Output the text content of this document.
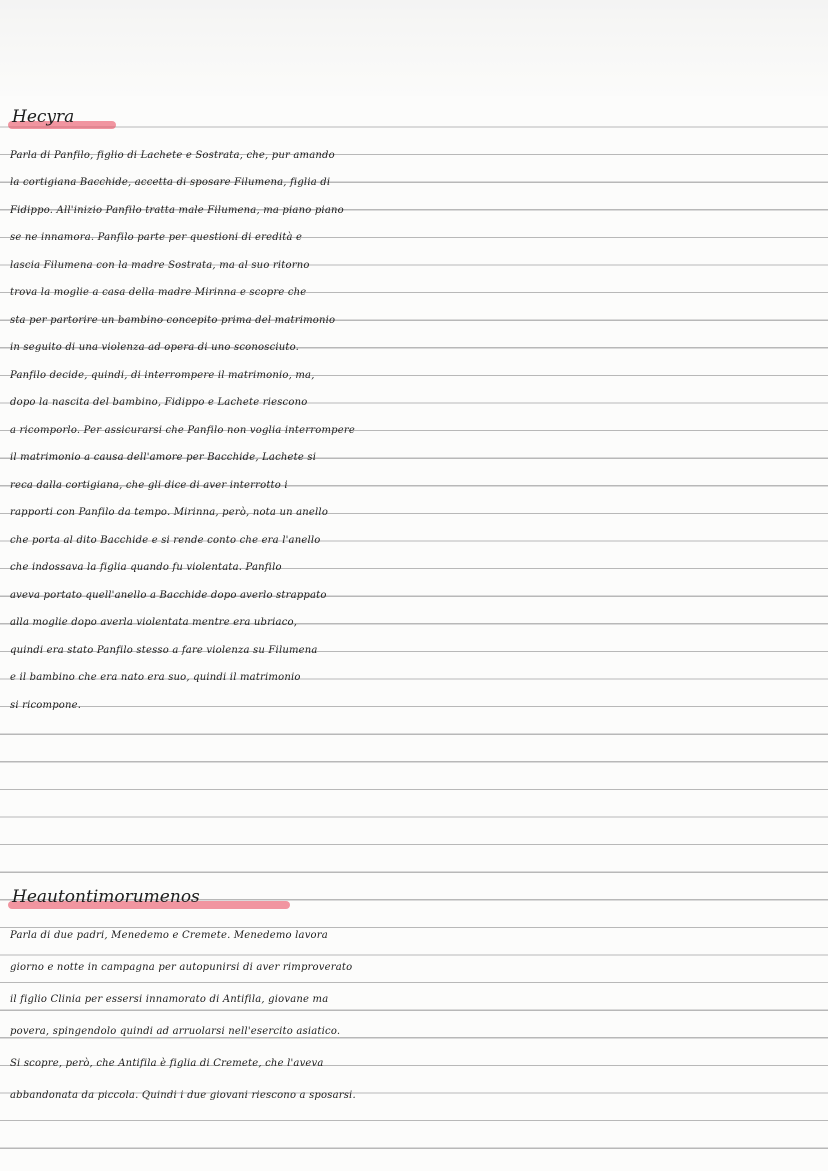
Hecyra
Parla di Panfilo, figlio di Lachete e Sostrata, che, pur amando
la cortigiana Bacchide, accetta di sposare Filumena, figlia di
Fidippo. All'inizio Panfilo tratta male Filumena, ma piano piano
se ne innamora. Panfilo parte per questioni di eredità e
lascia Filumena con la madre Sostrata, ma al suo ritorno
trova la moglie a casa della madre Mirinna e scopre che
sta per partorire un bambino concepito prima del matrimonio
in seguito di una violenza ad opera di uno sconosciuto.
Panfilo decide, quindi, di interrompere il matrimonio, ma,
dopo la nascita del bambino, Fidippo e Lachete riescono
a ricomporlo. Per assicurarsi che Panfilo non voglia interrompere
il matrimonio a causa dell'amore per Bacchide, Lachete si
reca dalla cortigiana, che gli dice di aver interrotto i
rapporti con Panfilo da tempo. Mirinna, però, nota un anello
che porta al dito Bacchide e si rende conto che era l'anello
che indossava la figlia quando fu violentata. Panfilo
aveva portato quell'anello a Bacchide dopo averlo strappato
alla moglie dopo averla violentata mentre era ubriaco,
quindi era stato Panfilo stesso a fare violenza su Filumena
e il bambino che era nato era suo, quindi il matrimonio
si ricompone.
Heautontimorumenos
Parla di due padri, Menedemo e Cremete. Menedemo lavora
giorno e notte in campagna per autopunirsi di aver rimproverato
il figlio Clinia per essersi innamorato di Antifila, giovane ma
povera, spingendolo quindi ad arruolarsi nell'esercito asiatico.
Si scopre, però, che Antifila è figlia di Cremete, che l'aveva
abbandonata da piccola. Quindi i due giovani riescono a sposarsi.
